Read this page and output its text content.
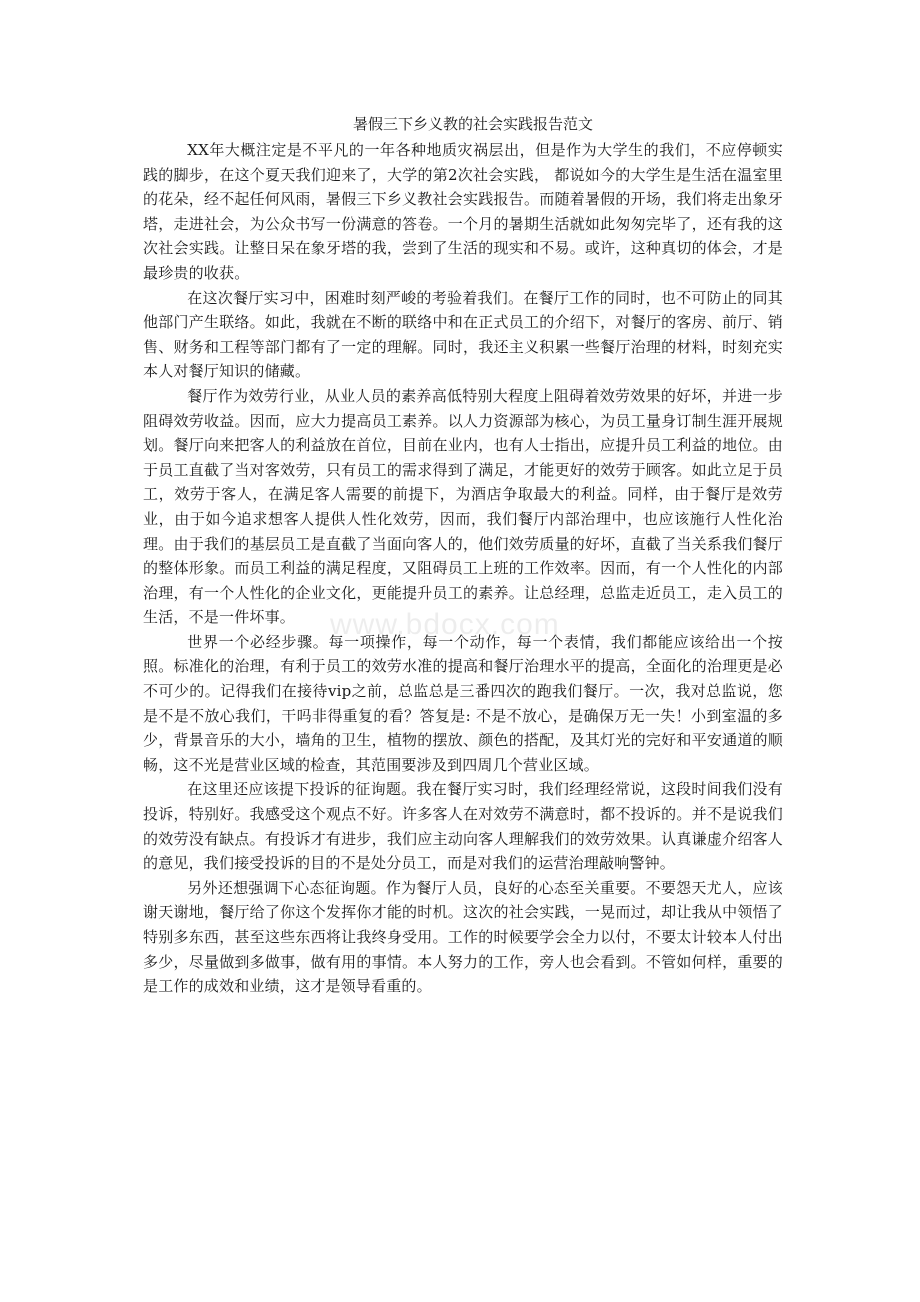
暑假三下乡义教的社会实践报告范文

XX年大概注定是不平凡的一年各种地质灾祸层出，但是作为大学生的我们，不应停顿实践的脚步，在这个夏天我们迎来了，大学的第2次社会实践， 都说如今的大学生是生活在温室里的花朵，经不起任何风雨，暑假三下乡义教社会实践报告。而随着暑假的开场，我们将走出象牙塔，走进社会，为公众书写一份满意的答卷。一个月的暑期生活就如此匆匆完毕了，还有我的这次社会实践。让整日呆在象牙塔的我，尝到了生活的现实和不易。或许，这种真切的体会，才是最珍贵的收获。

在这次餐厅实习中，困难时刻严峻的考验着我们。在餐厅工作的同时，也不可防止的同其他部门产生联络。如此，我就在不断的联络中和在正式员工的介绍下，对餐厅的客房、前厅、销售、财务和工程等部门都有了一定的理解。同时，我还主义积累一些餐厅治理的材料，时刻充实本人对餐厅知识的储藏。

餐厅作为效劳行业，从业人员的素养高低特别大程度上阻碍着效劳效果的好坏，并进一步阻碍效劳收益。因而，应大力提高员工素养。以人力资源部为核心，为员工量身订制生涯开展规划。餐厅向来把客人的利益放在首位，目前在业内，也有人士指出，应提升员工利益的地位。由于员工直截了当对客效劳，只有员工的需求得到了满足，才能更好的效劳于顾客。如此立足于员工，效劳于客人，在满足客人需要的前提下，为酒店争取最大的利益。同样，由于餐厅是效劳业，由于如今追求想客人提供人性化效劳，因而，我们餐厅内部治理中，也应该施行人性化治理。由于我们的基层员工是直截了当面向客人的，他们效劳质量的好坏，直截了当关系我们餐厅的整体形象。而员工利益的满足程度，又阻碍员工上班的工作效率。因而，有一个人性化的内部治理，有一个人性化的企业文化，更能提升员工的素养。让总经理，总监走近员工，走入员工的生活，不是一件坏事。

世界一个必经步骤。每一项操作，每一个动作，每一个表情，我们都能应该给出一个按照。标准化的治理，有利于员工的效劳水准的提高和餐厅治理水平的提高，全面化的治理更是必不可少的。记得我们在接待vip之前，总监总是三番四次的跑我们餐厅。一次，我对总监说，您是不是不放心我们，干吗非得重复的看？答复是: 不是不放心，是确保万无一失！小到室温的多少，背景音乐的大小，墙角的卫生，植物的摆放、颜色的搭配，及其灯光的完好和平安通道的顺畅，这不光是营业区域的检查，其范围要涉及到四周几个营业区域。

在这里还应该提下投诉的征询题。我在餐厅实习时，我们经理经常说，这段时间我们没有投诉，特别好。我感受这个观点不好。许多客人在对效劳不满意时，都不投诉的。并不是说我们的效劳没有缺点。有投诉才有进步，我们应主动向客人理解我们的效劳效果。认真谦虚介绍客人的意见，我们接受投诉的目的不是处分员工，而是对我们的运营治理敲响警钟。

另外还想强调下心态征询题。作为餐厅人员，良好的心态至关重要。不要怨天尤人，应该谢天谢地，餐厅给了你这个发挥你才能的时机。这次的社会实践，一晃而过，却让我从中领悟了特别多东西，甚至这些东西将让我终身受用。工作的时候要学会全力以付，不要太计较本人付出多少，尽量做到多做事，做有用的事情。本人努力的工作，旁人也会看到。不管如何样，重要的是工作的成效和业绩，这才是领导看重的。

www.bdocx.com
